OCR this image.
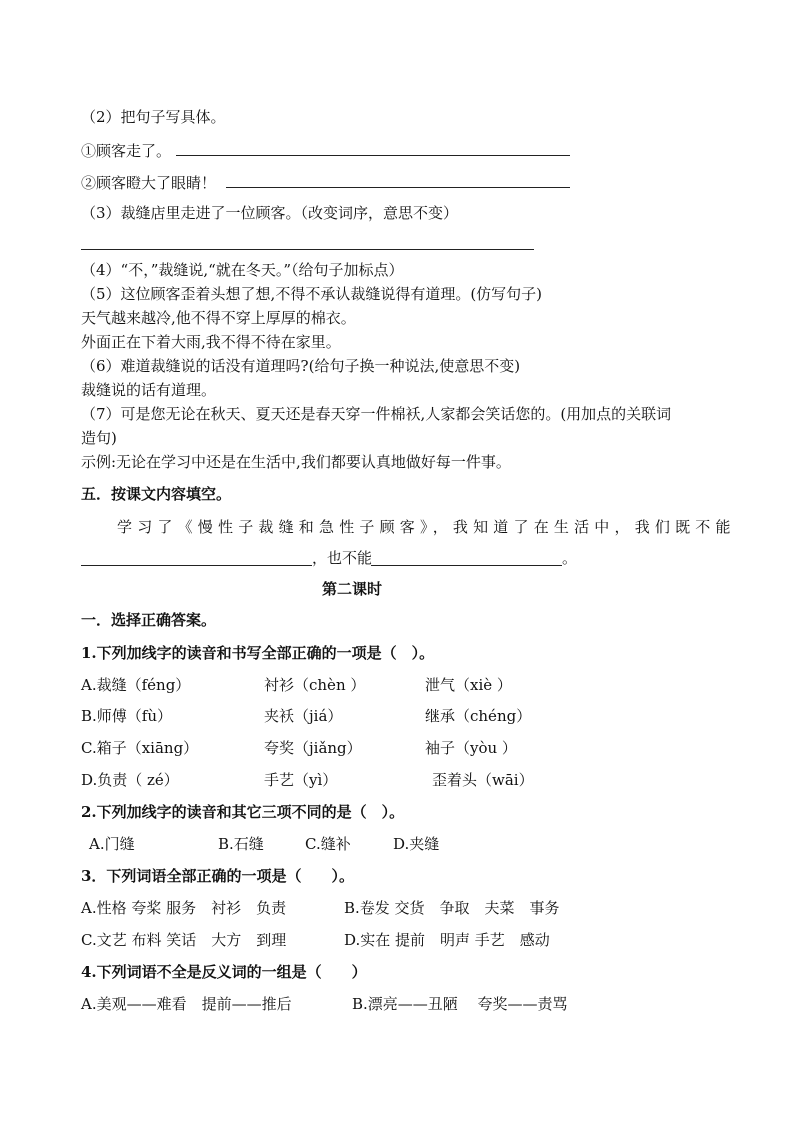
（2）把句子写具体。
①顾客走了。
②顾客瞪大了眼睛！
（3）裁缝店里走进了一位顾客。（改变词序，意思不变）
（4）“不，”裁缝说,“就在冬天。”（给句子加标点）
（5）这位顾客歪着头想了想,不得不承认裁缝说得有道理。(仿写句子)
天气越来越冷,他不得不穿上厚厚的棉衣。
外面正在下着大雨,我不得不待在家里。
（6）难道裁缝说的话没有道理吗?(给句子换一种说法,使意思不变)
裁缝说的话有道理。
（7）可是您无论在秋天、夏天还是春天穿一件棉袄,人家都会笑话您的。(用加点的关联词
造句)
示例:无论在学习中还是在生活中,我们都要认真地做好每一件事。
五．按课文内容填空。
学习了《慢性子裁缝和急性子顾客》，我知道了在生活中，我们既不能
，也不能	。
第二课时
一．选择正确答案。
1.下列加线字的读音和书写全部正确的一项是（　）。
A.裁缝（féng）	衬衫（chèn ）	泄气（xiè ）
B.师傅（fù）	夹袄（jiá）	继承（chéng）
C.箱子（xiāng）	夸奖（jiǎng）	袖子（yòu ）
D.负责（ zé）	手艺（yì）	歪着头（wāi）
2.下列加线字的读音和其它三项不同的是（　）。
A.门缝	B.石缝	C.缝补	D.夹缝
3．下列词语全部正确的一项是（　　）。
A.性格 夸桨 服务　衬衫　负责	B.卷发 交货　争取　夫菜　事务
C.文艺 布料 笑话　大方　到理	D.实在 提前　明声 手艺　感动
4.下列词语不全是反义词的一组是（　　）
A.美观——难看　提前——推后	B.漂亮——丑陋　 夸奖——责骂
